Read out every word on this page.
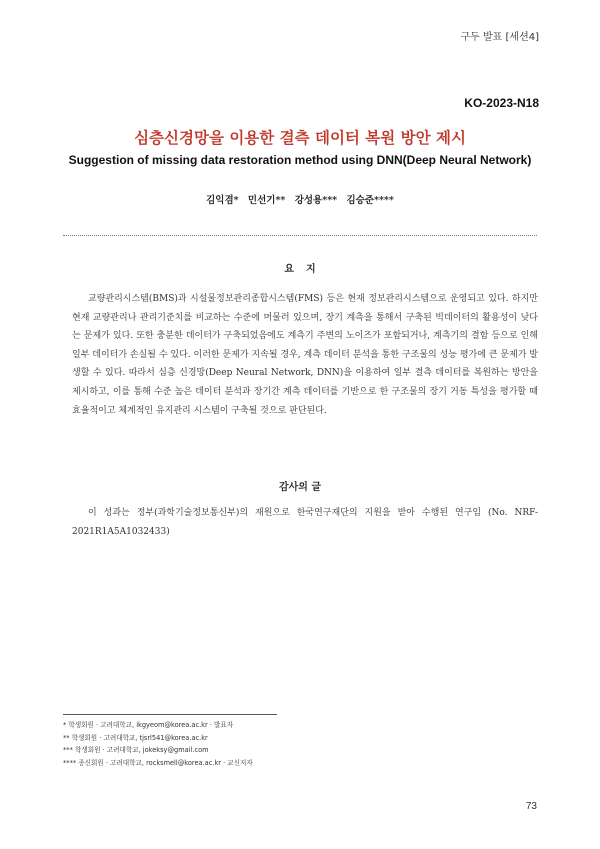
구두 발표 [세션4]
KO-2023-N18
심층신경망을 이용한 결측 데이터 복원 방안 제시
Suggestion of missing data restoration method using DNN(Deep Neural Network)
김익겸* 민선기** 강성용*** 김승준****
요지
교량관리시스템(BMS)과 시설물정보관리종합시스템(FMS) 등은 현재 정보관리시스템으로 운영되고 있다. 하지만 현재 교량관리나 관리기준치를 비교하는 수준에 머물러 있으며, 장기 계측을 통해서 구축된 빅데이터의 활용성이 낮다는 문제가 있다. 또한 충분한 데이터가 구축되었음에도 계측기 주변의 노이즈가 포함되거나, 계측기의 결함 등으로 인해 일부 데이터가 손실될 수 있다. 이러한 문제가 지속될 경우, 계측 데이터 분석을 통한 구조물의 성능 평가에 큰 문제가 발생할 수 있다. 따라서 심층 신경망(Deep Neural Network, DNN)을 이용하여 일부 결측 데이터를 복원하는 방안을 제시하고, 이를 통해 수준 높은 데이터 분석과 장기간 계측 데이터를 기반으로 한 구조물의 장기 거동 특성을 평가할 때 효율적이고 체계적인 유지관리 시스템이 구축될 것으로 판단된다.
감사의 글
이 성과는 정부(과학기술정보통신부)의 재원으로 한국연구재단의 지원을 받아 수행된 연구임 (No. NRF-2021R1A5A1032433)
* 학생회원 · 고려대학교, ikgyeom@korea.ac.kr · 발표자
** 학생회원 · 고려대학교, tjsrl541@korea.ac.kr
*** 학생회원 · 고려대학교, jokeksy@gmail.com
**** 종신회원 · 고려대학교, rocksmell@korea.ac.kr · 교신저자
73
